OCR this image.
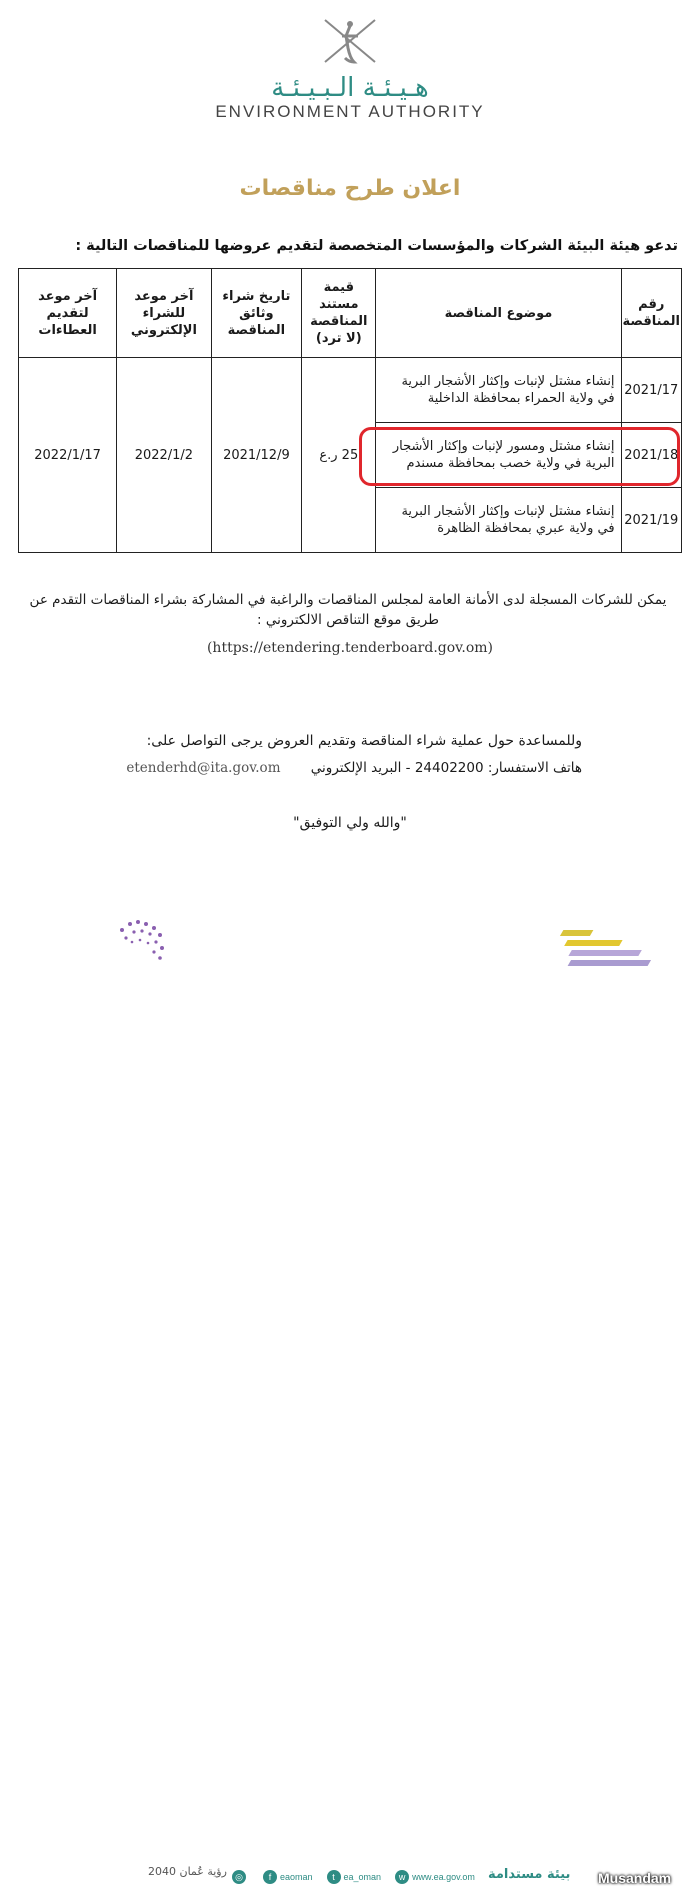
هـيـئـة الـبـيـئـة
ENVIRONMENT AUTHORITY
اعلان طرح مناقصات
تدعو هيئة البيئة الشركات والمؤسسات المتخصصة لتقديم عروضها للمناقصات التالية :
رقم المناقصة	موضوع المناقصة	قيمة مستند المناقصة (لا ترد)	تاريخ شراء وثائق المناقصة	آخر موعد للشراء الإلكتروني	آخر موعد لتقديم العطاءات
2021/17	إنشاء مشتل لإنبات وإكثار الأشجار البرية في ولاية الحمراء بمحافظة الداخلية	25 ر.ع	2021/12/9	2022/1/2	2022/1/17
2021/18	إنشاء مشتل ومسور لإنبات وإكثار الأشجار البرية في ولاية خصب بمحافظة مسندم				
2021/19	إنشاء مشتل لإنبات وإكثار الأشجار البرية في ولاية عبري بمحافظة الظاهرة				
يمكن للشركات المسجلة لدى الأمانة العامة لمجلس المناقصات والراغبة في المشاركة بشراء المناقصات التقدم عن طريق موقع التناقص الالكتروني :
(https://etendering.tenderboard.gov.om)
وللمساعدة حول عملية شراء المناقصة وتقديم العروض يرجى التواصل على:
هاتف الاستفسار: 24402200 - البريد الإلكتروني etenderhd@ita.gov.om
"والله ولي التوفيق"
رؤية عُمان 2040 ◎	f eaoman	t ea_oman	w www.ea.gov.om بيئة مستدامة Musandam
